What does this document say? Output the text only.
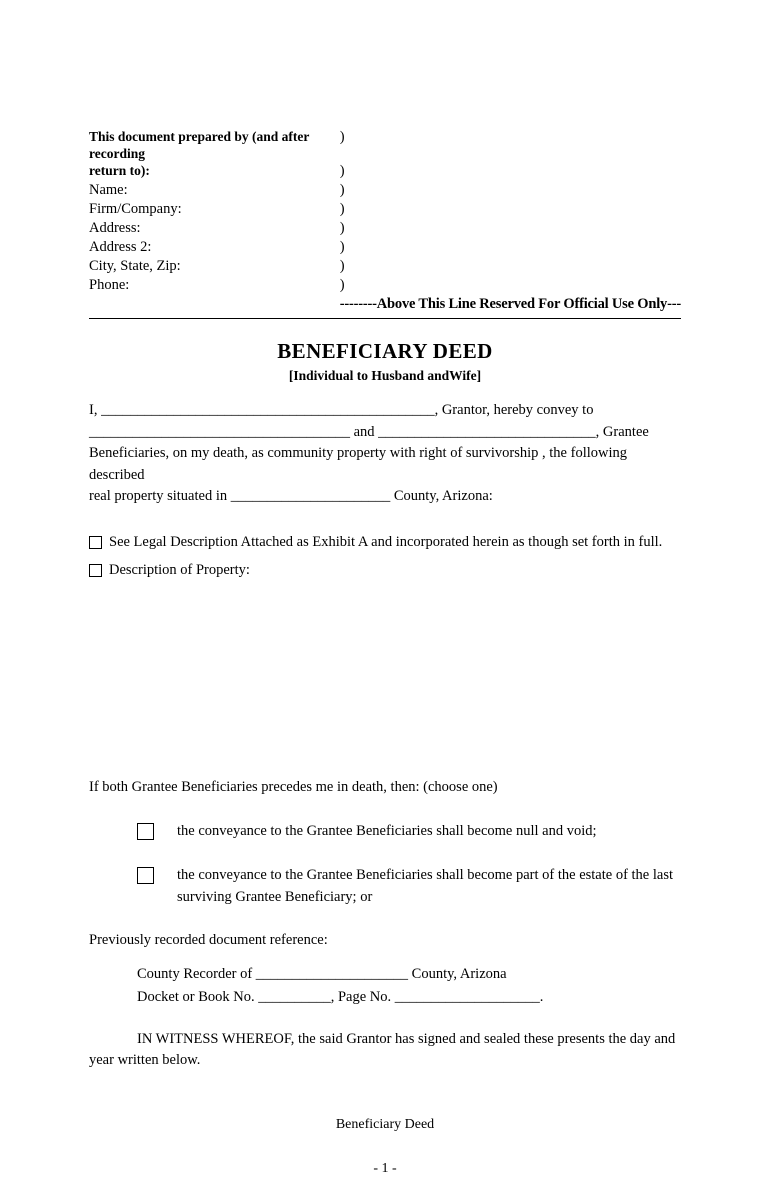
This document prepared by (and after recording	)

return to):	)
Name:	)
Firm/Company:	)
Address:	)
Address 2:	)
City, State, Zip:	)
Phone:	)
	--------Above This Line Reserved For Official Use Only---
BENEFICIARY DEED
[Individual to Husband andWife]
I, ______________________________________________, Grantor, hereby convey to
____________________________________ and ______________________________, Grantee
Beneficiaries, on my death, as community property with right of survivorship , the following described
real property situated in ______________________ County, Arizona:
See Legal Description Attached as Exhibit A and incorporated herein as though set forth in full.
Description of Property:
If both Grantee Beneficiaries precedes me in death, then: (choose one)
the conveyance to the Grantee Beneficiaries shall become null and void;
the conveyance to the Grantee Beneficiaries shall become part of the estate of the last surviving Grantee Beneficiary; or
Previously recorded document reference:
County Recorder of _____________________ County, Arizona
Docket or Book No. __________, Page No. ____________________.
IN WITNESS WHEREOF, the said Grantor has signed and sealed these presents the day and year written below.
Beneficiary Deed
- 1 -
